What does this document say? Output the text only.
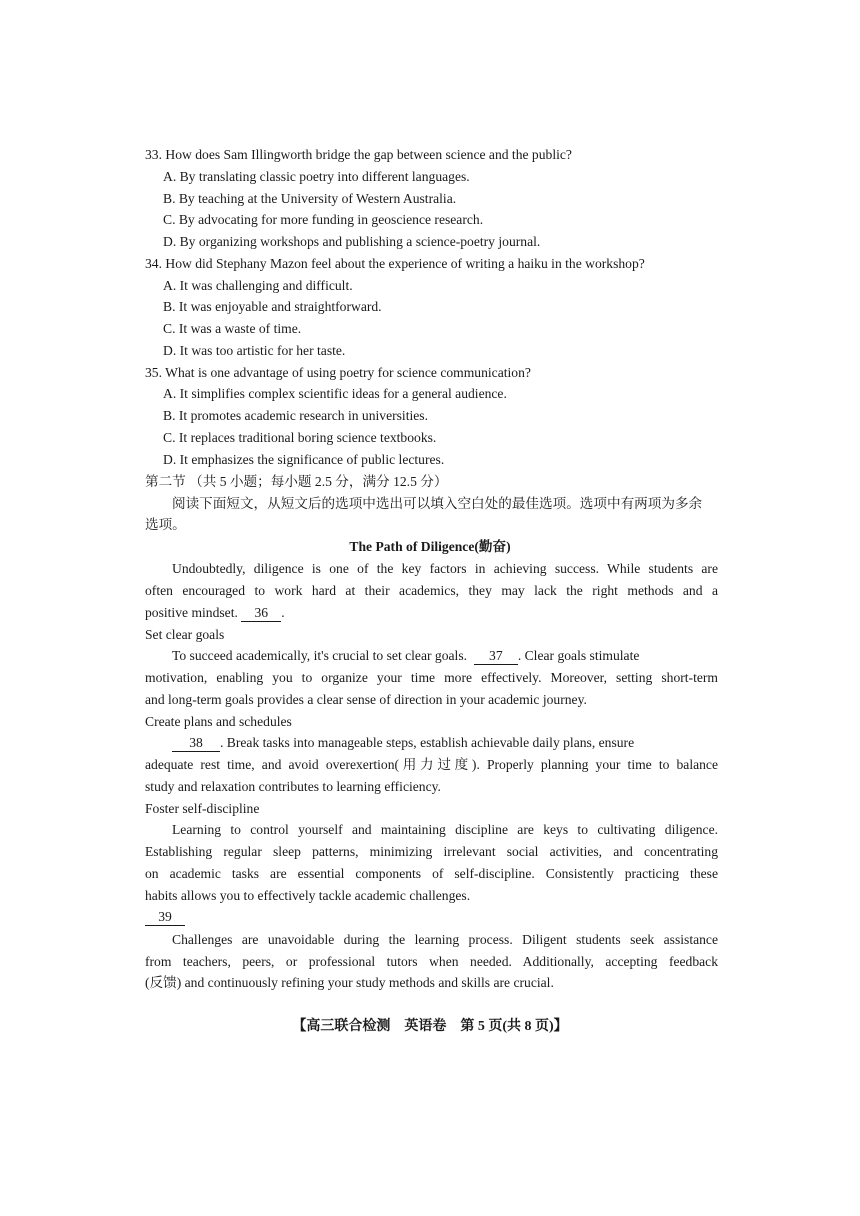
33. How does Sam Illingworth bridge the gap between science and the public?
A. By translating classic poetry into different languages.
B. By teaching at the University of Western Australia.
C. By advocating for more funding in geoscience research.
D. By organizing workshops and publishing a science-poetry journal.
34. How did Stephany Mazon feel about the experience of writing a haiku in the workshop?
A. It was challenging and difficult.
B. It was enjoyable and straightforward.
C. It was a waste of time.
D. It was too artistic for her taste.
35. What is one advantage of using poetry for science communication?
A. It simplifies complex scientific ideas for a general audience.
B. It promotes academic research in universities.
C. It replaces traditional boring science textbooks.
D. It emphasizes the significance of public lectures.
第二节 （共 5 小题；每小题 2.5 分，满分 12.5 分）
阅读下面短文，从短文后的选项中选出可以填入空白处的最佳选项。选项中有两项为多余
选项。
The Path of Diligence(勤奋)
Undoubtedly, diligence is one of the key factors in achieving success. While students are
often encouraged to work hard at their academics, they may lack the right methods and a
positive mindset. 36 .
Set clear goals
To succeed academically, it's crucial to set clear goals. 37 . Clear goals stimulate
motivation, enabling you to organize your time more effectively. Moreover, setting short-term
and long-term goals provides a clear sense of direction in your academic journey.
Create plans and schedules
38 . Break tasks into manageable steps, establish achievable daily plans, ensure
adequate rest time, and avoid overexertion(用力过度). Properly planning your time to balance
study and relaxation contributes to learning efficiency.
Foster self-discipline
Learning to control yourself and maintaining discipline are keys to cultivating diligence.
Establishing regular sleep patterns, minimizing irrelevant social activities, and concentrating
on academic tasks are essential components of self-discipline. Consistently practicing these
habits allows you to effectively tackle academic challenges.
39
Challenges are unavoidable during the learning process. Diligent students seek assistance
from teachers, peers, or professional tutors when needed. Additionally, accepting feedback
(反馈) and continuously refining your study methods and skills are crucial.
【高三联合检测 英语卷 第 5 页(共 8 页)】
